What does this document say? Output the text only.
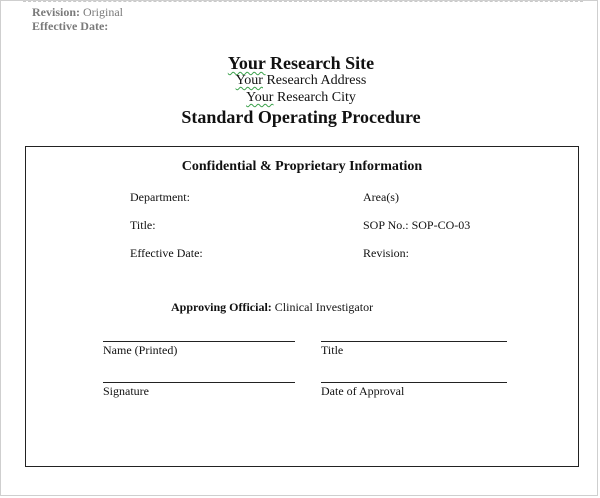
Revision: Original
Effective Date:
Your Research Site
Your Research Address
Your Research City
Standard Operating Procedure
Confidential & Proprietary Information
Department:	Area(s)
Title:	SOP No.: SOP-CO-03
Effective Date:	Revision:
Approving Official: Clinical Investigator
Name (Printed)	Title
Signature	Date of Approval
